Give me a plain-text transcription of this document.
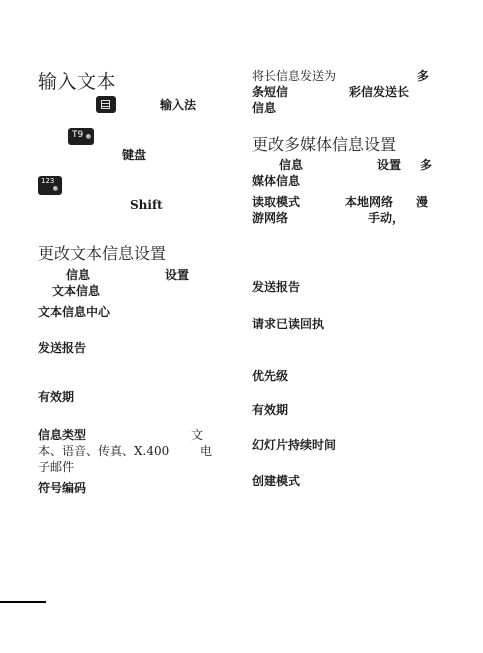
输入文本
输入法
T9
键盘
123
Shift
更改文本信息设置
信息	设置
文本信息
文本信息中心
发送报告
有效期
信息类型	文
本、语音、传真、X.400	电
子邮件
符号编码
将长信息发送为	多
条短信	彩信发送长
信息
更改多媒体信息设置
信息	设置 多
媒体信息
读取模式	本地网络 漫
游网络	手动，
发送报告
请求已读回执
优先级
有效期
幻灯片持续时间
创建模式
